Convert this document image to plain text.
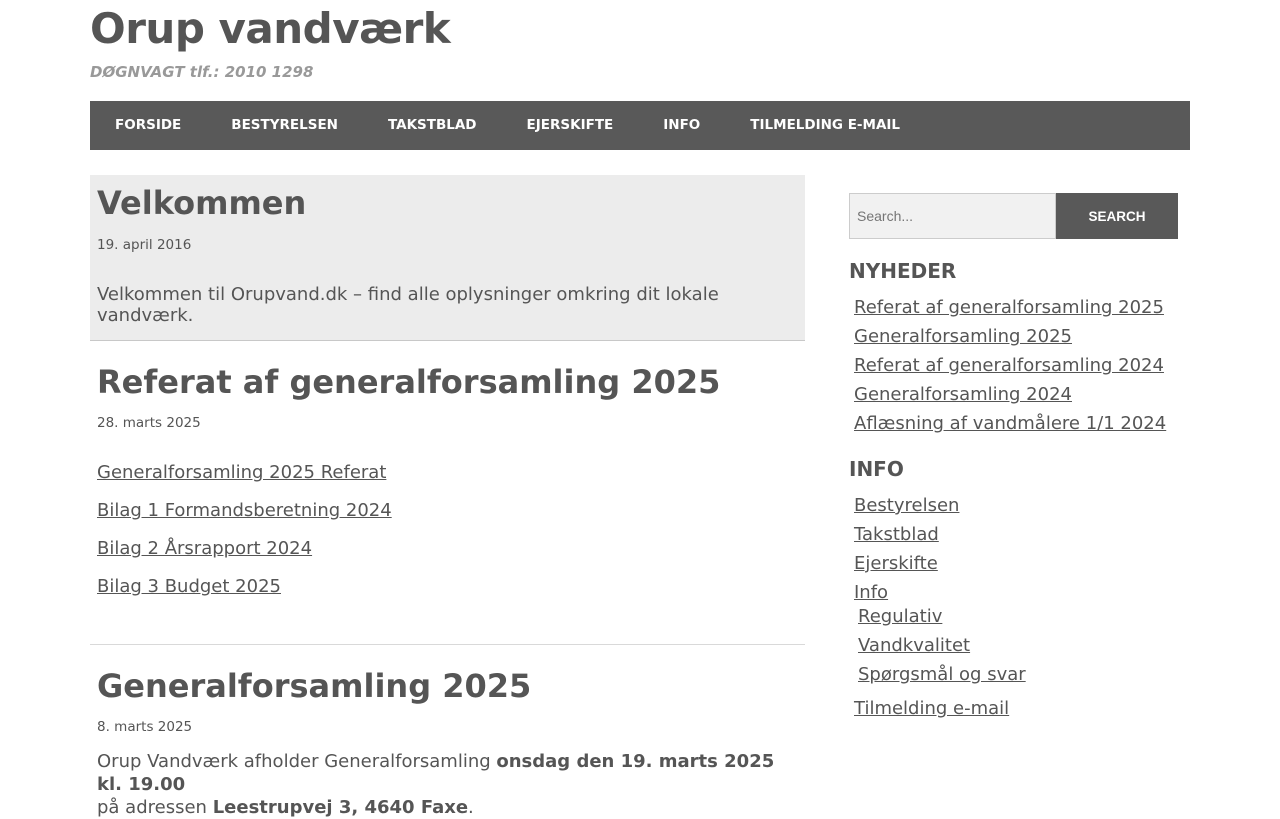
Orup vandværk
DØGNVAGT tlf.: 2010 1298
FORSIDE	BESTYRELSEN	TAKSTBLAD	EJERSKIFTE	INFO	TILMELDING E-MAIL
Velkommen
19. april 2016

Velkommen til Orupvand.dk – find alle oplysninger omkring dit lokale vandværk.

Referat af generalforsamling 2025
28. marts 2025
Generalforsamling 2025 Referat
Bilag 1 Formandsberetning 2024
Bilag 2 Årsrapport 2024
Bilag 3 Budget 2025
Generalforsamling 2025
8. marts 2025

Orup Vandværk afholder Generalforsamling onsdag den 19. marts 2025 kl. 19.00
på adressen Leestrupvej 3, 4640 Faxe.

Search...
SEARCH
NYHEDER
Referat af generalforsamling 2025
Generalforsamling 2025
Referat af generalforsamling 2024
Generalforsamling 2024
Aflæsning af vandmålere 1/1 2024
INFO
Bestyrelsen
Takstblad
Ejerskifte
Info
Regulativ
Vandkvalitet
Spørgsmål og svar
Tilmelding e-mail
